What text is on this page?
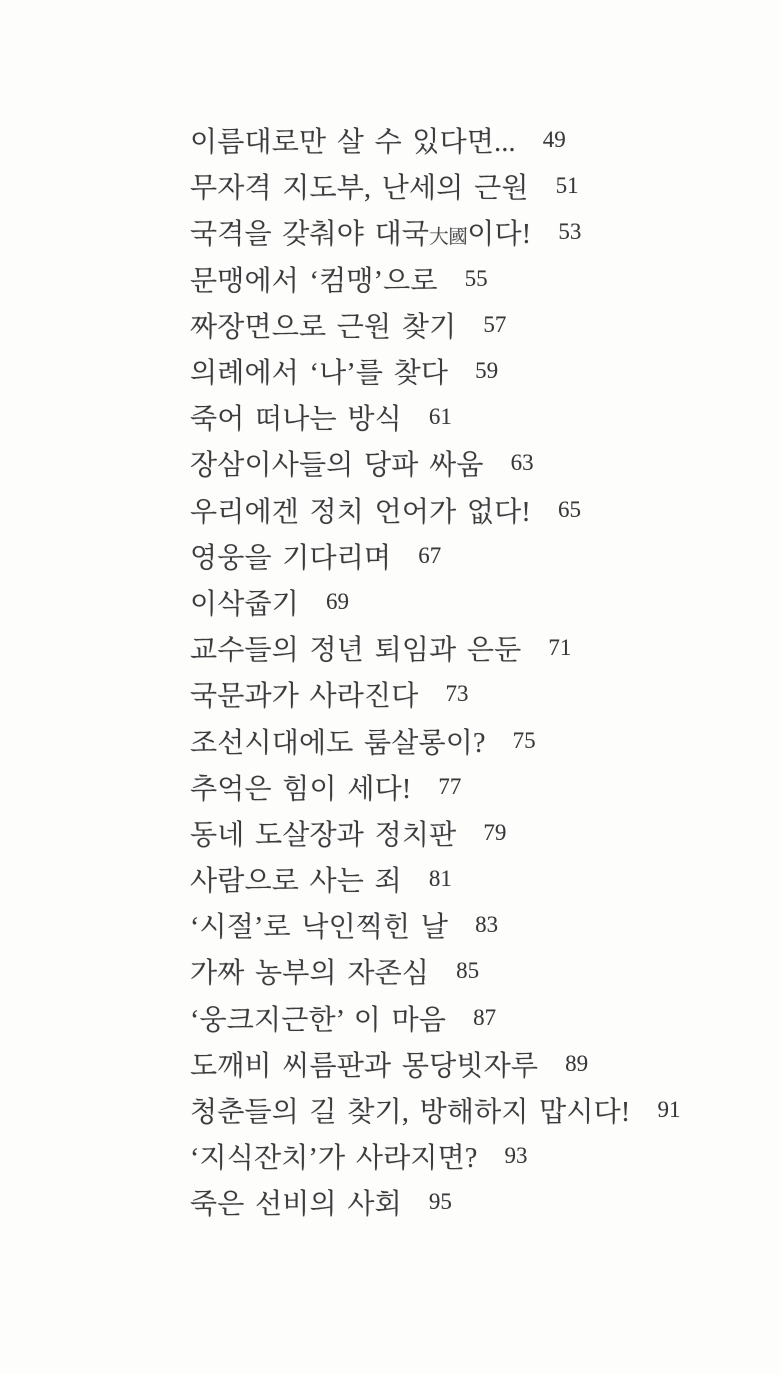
이름대로만 살 수 있다면... 49
무자격 지도부, 난세의 근원 51
국격을 갖춰야 대국大國이다! 53
문맹에서 ‘컴맹’으로 55
짜장면으로 근원 찾기 57
의례에서 ‘나’를 찾다 59
죽어 떠나는 방식 61
장삼이사들의 당파 싸움 63
우리에겐 정치 언어가 없다! 65
영웅을 기다리며 67
이삭줍기 69
교수들의 정년 퇴임과 은둔 71
국문과가 사라진다 73
조선시대에도 룸살롱이? 75
추억은 힘이 세다! 77
동네 도살장과 정치판 79
사람으로 사는 죄 81
‘시절’로 낙인찍힌 날 83
가짜 농부의 자존심 85
‘웅크지근한’ 이 마음 87
도깨비 씨름판과 몽당빗자루 89
청춘들의 길 찾기, 방해하지 맙시다! 91
‘지식잔치’가 사라지면? 93
죽은 선비의 사회 95
